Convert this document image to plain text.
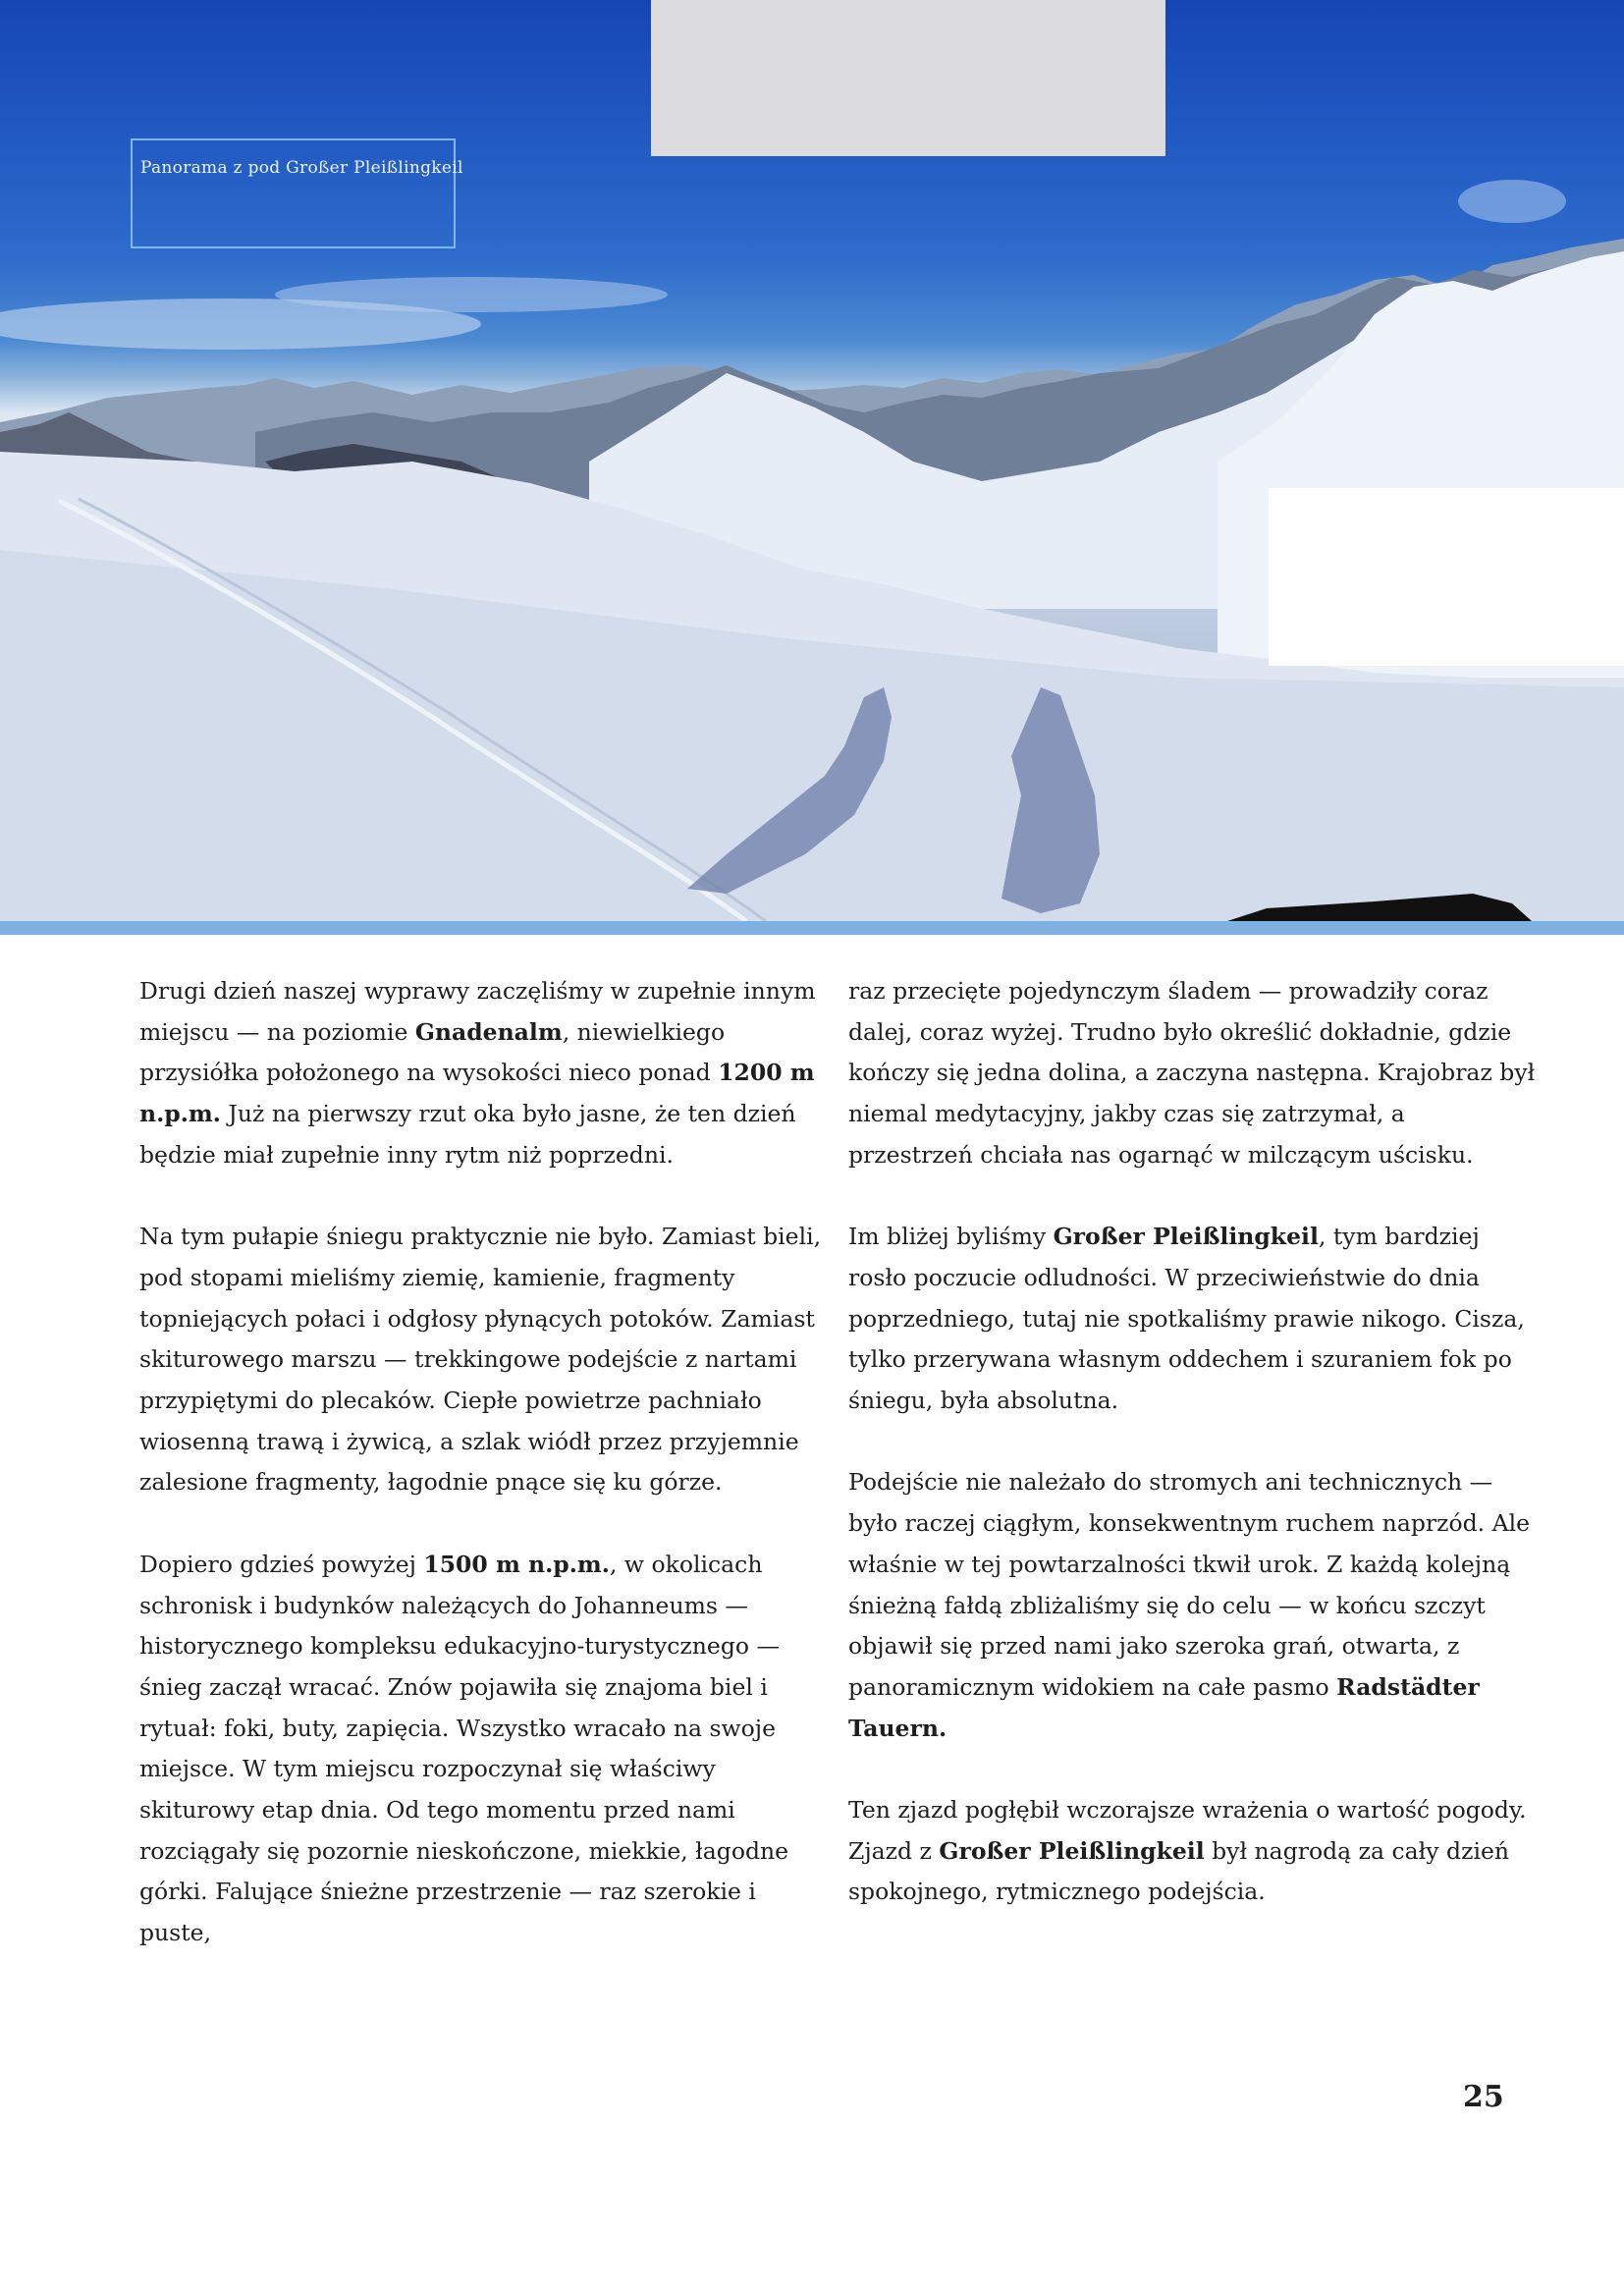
Panorama z pod Großer Pleißlingkeil

Drugi dzień naszej wyprawy zaczęliśmy w zupełnie innym miejscu — na poziomie Gnadenalm, niewielkiego przysiółka położonego na wysokości nieco ponad 1200 m n.p.m. Już na pierwszy rzut oka było jasne, że ten dzień będzie miał zupełnie inny rytm niż poprzedni.

Na tym pułapie śniegu praktycznie nie było. Zamiast bieli, pod stopami mieliśmy ziemię, kamienie, fragmenty topniejących połaci i odgłosy płynących potoków. Zamiast skiturowego marszu — trekkingowe podejście z nartami przypiętymi do plecaków. Ciepłe powietrze pachniało wiosenną trawą i żywicą, a szlak wiódł przez przyjemnie zalesione fragmenty, łagodnie pnące się ku górze.

Dopiero gdzieś powyżej 1500 m n.p.m., w okolicach schronisk i budynków należących do Johanneums — historycznego kompleksu edukacyjno-turystycznego — śnieg zaczął wracać. Znów pojawiła się znajoma biel i rytuał: foki, buty, zapięcia. Wszystko wracało na swoje miejsce. W tym miejscu rozpoczynał się właściwy skiturowy etap dnia. Od tego momentu przed nami rozciągały się pozornie nieskończone, miekkie, łagodne górki. Falujące śnieżne przestrzenie — raz szerokie i puste,

raz przecięte pojedynczym śladem — prowadziły coraz dalej, coraz wyżej. Trudno było określić dokładnie, gdzie kończy się jedna dolina, a zaczyna następna. Krajobraz był niemal medytacyjny, jakby czas się zatrzymał, a przestrzeń chciała nas ogarnąć w milczącym uścisku.

Im bliżej byliśmy Großer Pleißlingkeil, tym bardziej rosło poczucie odludności. W przeciwieństwie do dnia poprzedniego, tutaj nie spotkaliśmy prawie nikogo. Cisza, tylko przerywana własnym oddechem i szuraniem fok po śniegu, była absolutna.

Podejście nie należało do stromych ani technicznych — było raczej ciągłym, konsekwentnym ruchem naprzód. Ale właśnie w tej powtarzalności tkwił urok. Z każdą kolejną śnieżną fałdą zbliżaliśmy się do celu — w końcu szczyt objawił się przed nami jako szeroka grań, otwarta, z panoramicznym widokiem na całe pasmo Radstädter Tauern.

Ten zjazd pogłębił wczorajsze wrażenia o wartość pogody. Zjazd z Großer Pleißlingkeil był nagrodą za cały dzień spokojnego, rytmicznego podejścia.

25
